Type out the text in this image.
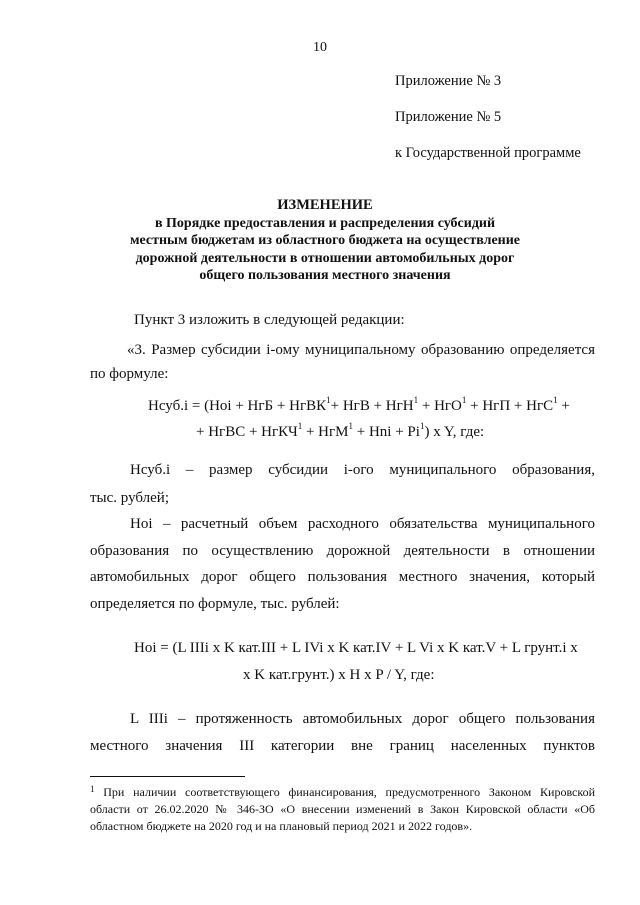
10
Приложение № 3
Приложение № 5
к Государственной программе
ИЗМЕНЕНИЕ
в Порядке предоставления и распределения субсидий
местным бюджетам из областного бюджета на осуществление
дорожной деятельности в отношении автомобильных дорог
общего пользования местного значения
Пункт 3 изложить в следующей редакции:
«3. Размер субсидии i-ому муниципальному образованию определяется
по формуле:
Нсуб.i = (Нoi + НгБ + НгВК$^1$+ НгВ + НгН$^1$ + НгО$^1$ + НгП + НгС$^1$ +
+ НгВС + НгКЧ$^1$ + НгМ$^1$ + Нni + $Рi^1$) x Y, где:
Нсуб.i – размер субсидии i-ого муниципального образования,
тыс. рублей;
Нoi – расчетный объем расходного обязательства муниципального
образования по осуществлению дорожной деятельности в отношении
автомобильных дорог общего пользования местного значения, который
определяется по формуле, тыс. рублей:
Нoi = (L IIIi x K кат.III + L IVi x K кат.IV + L Vi x K кат.V + L грунт.i x
x K кат.грунт.) x H x P / Y, где:
L IIIi – протяженность автомобильных дорог общего пользования
местного значения III категории вне границ населенных пунктов
$^1$ При наличии соответствующего финансирования, предусмотренного Законом Кировской
области от 26.02.2020 № 346-ЗО «О внесении изменений в Закон Кировской области «Об
областном бюджете на 2020 год и на плановый период 2021 и 2022 годов».
